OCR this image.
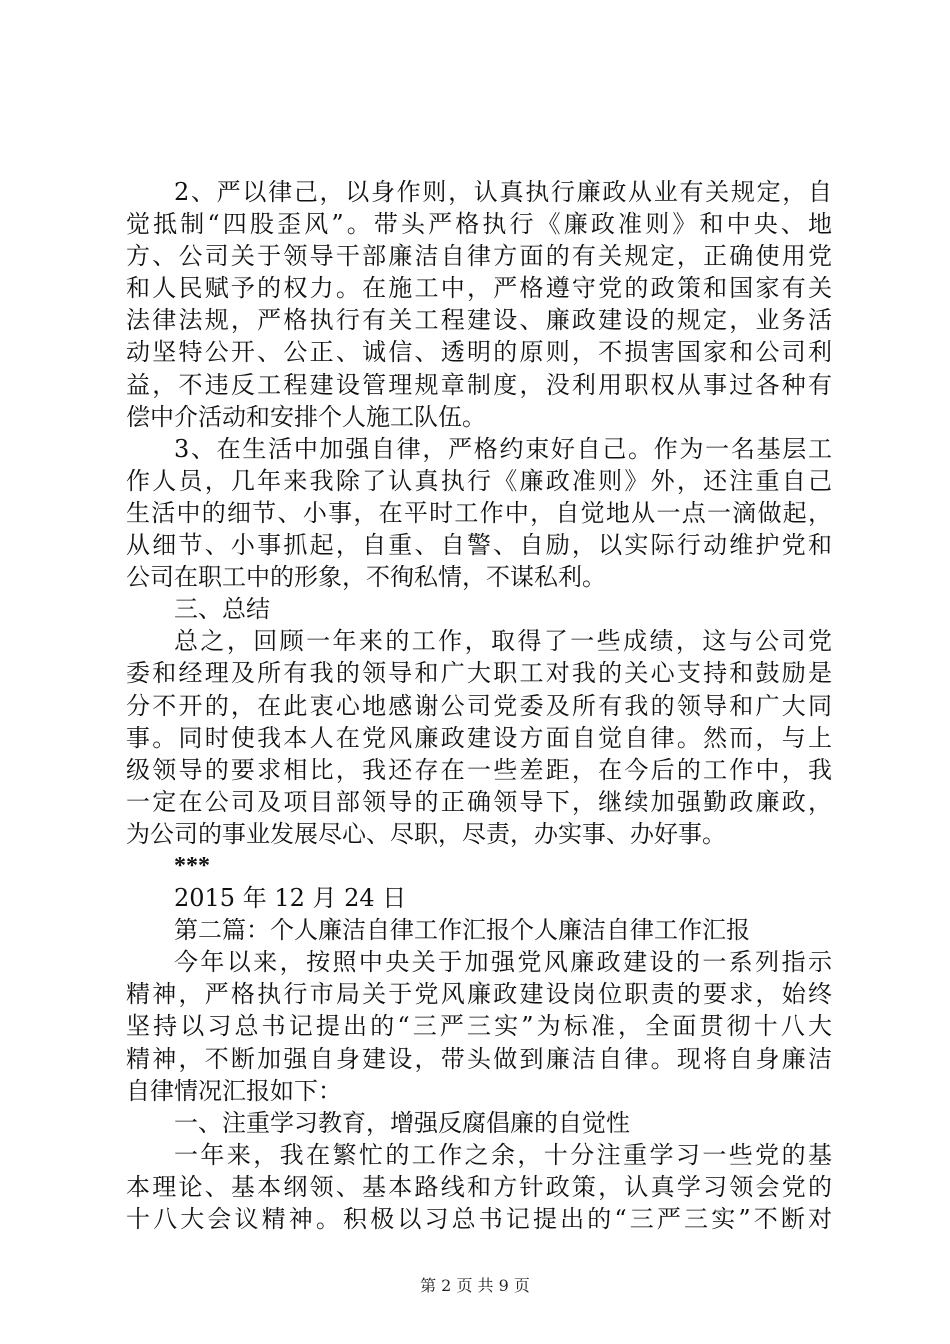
2、严以律己，以身作则，认真执行廉政从业有关规定，自
觉抵制“四股歪风”。带头严格执行《廉政准则》和中央、地
方、公司关于领导干部廉洁自律方面的有关规定，正确使用党
和人民赋予的权力。在施工中，严格遵守党的政策和国家有关
法律法规，严格执行有关工程建设、廉政建设的规定，业务活
动坚特公开、公正、诚信、透明的原则，不损害国家和公司利
益，不违反工程建设管理规章制度，没利用职权从事过各种有
偿中介活动和安排个人施工队伍。
3、在生活中加强自律，严格约束好自己。作为一名基层工
作人员，几年来我除了认真执行《廉政准则》外，还注重自己
生活中的细节、小事，在平时工作中，自觉地从一点一滴做起，
从细节、小事抓起，自重、自警、自励，以实际行动维护党和
公司在职工中的形象，不徇私情，不谋私利。
三、总结
总之，回顾一年来的工作，取得了一些成绩，这与公司党
委和经理及所有我的领导和广大职工对我的关心支持和鼓励是
分不开的，在此衷心地感谢公司党委及所有我的领导和广大同
事。同时使我本人在党风廉政建设方面自觉自律。然而，与上
级领导的要求相比，我还存在一些差距，在今后的工作中，我
一定在公司及项目部领导的正确领导下，继续加强勤政廉政，
为公司的事业发展尽心、尽职，尽责，办实事、办好事。
***
2015 年 12 月 24 日
第二篇：个人廉洁自律工作汇报个人廉洁自律工作汇报
今年以来，按照中央关于加强党风廉政建设的一系列指示
精神，严格执行市局关于党风廉政建设岗位职责的要求，始终
坚持以习总书记提出的“三严三实”为标准，全面贯彻十八大
精神，不断加强自身建设，带头做到廉洁自律。现将自身廉洁
自律情况汇报如下：
一、注重学习教育，增强反腐倡廉的自觉性
一年来，我在繁忙的工作之余，十分注重学习一些党的基
本理论、基本纲领、基本路线和方针政策，认真学习领会党的
十八大会议精神。积极以习总书记提出的“三严三实”不断对
第 2 页 共 9 页
